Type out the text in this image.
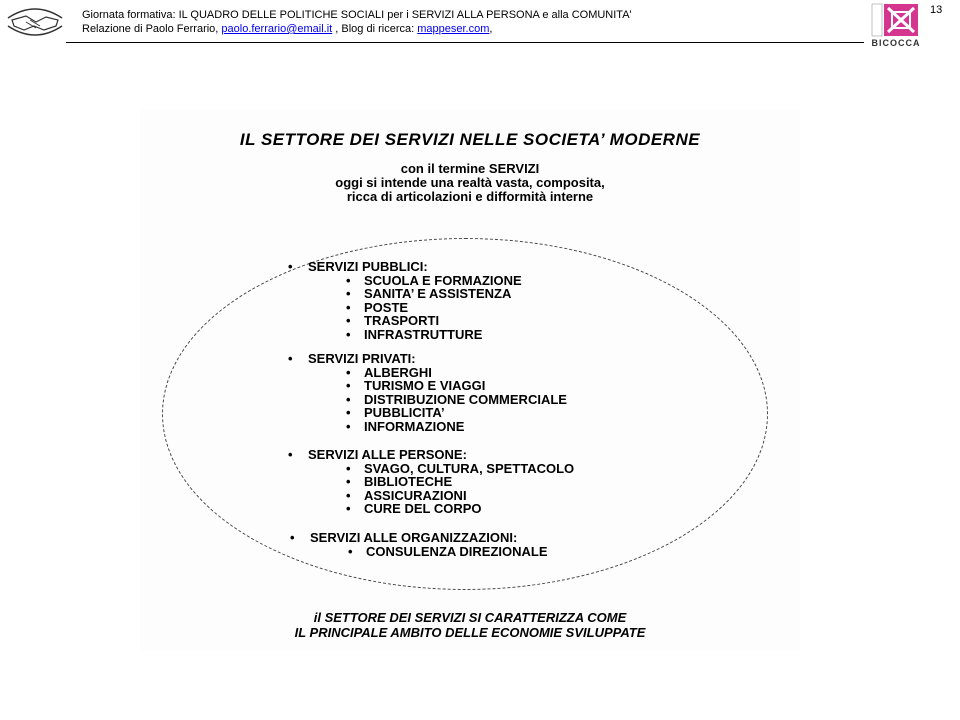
Giornata formativa: IL QUADRO DELLE POLITICHE SOCIALI per i SERVIZI ALLA PERSONA e alla COMUNITA'
Relazione di Paolo Ferrario, paolo.ferrario@email.it , Blog di ricerca: mappeser.com,
BICOCCA
13
IL SETTORE DEI SERVIZI NELLE SOCIETA’ MODERNE
con il termine SERVIZI
oggi si intende una realtà vasta, composita,
ricca di articolazioni e difformità interne
• SERVIZI PUBBLICI:
• SCUOLA E FORMAZIONE
• SANITA’ E ASSISTENZA
• POSTE
• TRASPORTI
• INFRASTRUTTURE
• SERVIZI PRIVATI:
• ALBERGHI
• TURISMO E VIAGGI
• DISTRIBUZIONE COMMERCIALE
• PUBBLICITA’
• INFORMAZIONE
• SERVIZI ALLE PERSONE:
• SVAGO, CULTURA, SPETTACOLO
• BIBLIOTECHE
• ASSICURAZIONI
• CURE DEL CORPO
• SERVIZI ALLE ORGANIZZAZIONI:
• CONSULENZA DIREZIONALE
il SETTORE DEI SERVIZI SI CARATTERIZZA COME
IL PRINCIPALE AMBITO DELLE ECONOMIE SVILUPPATE
